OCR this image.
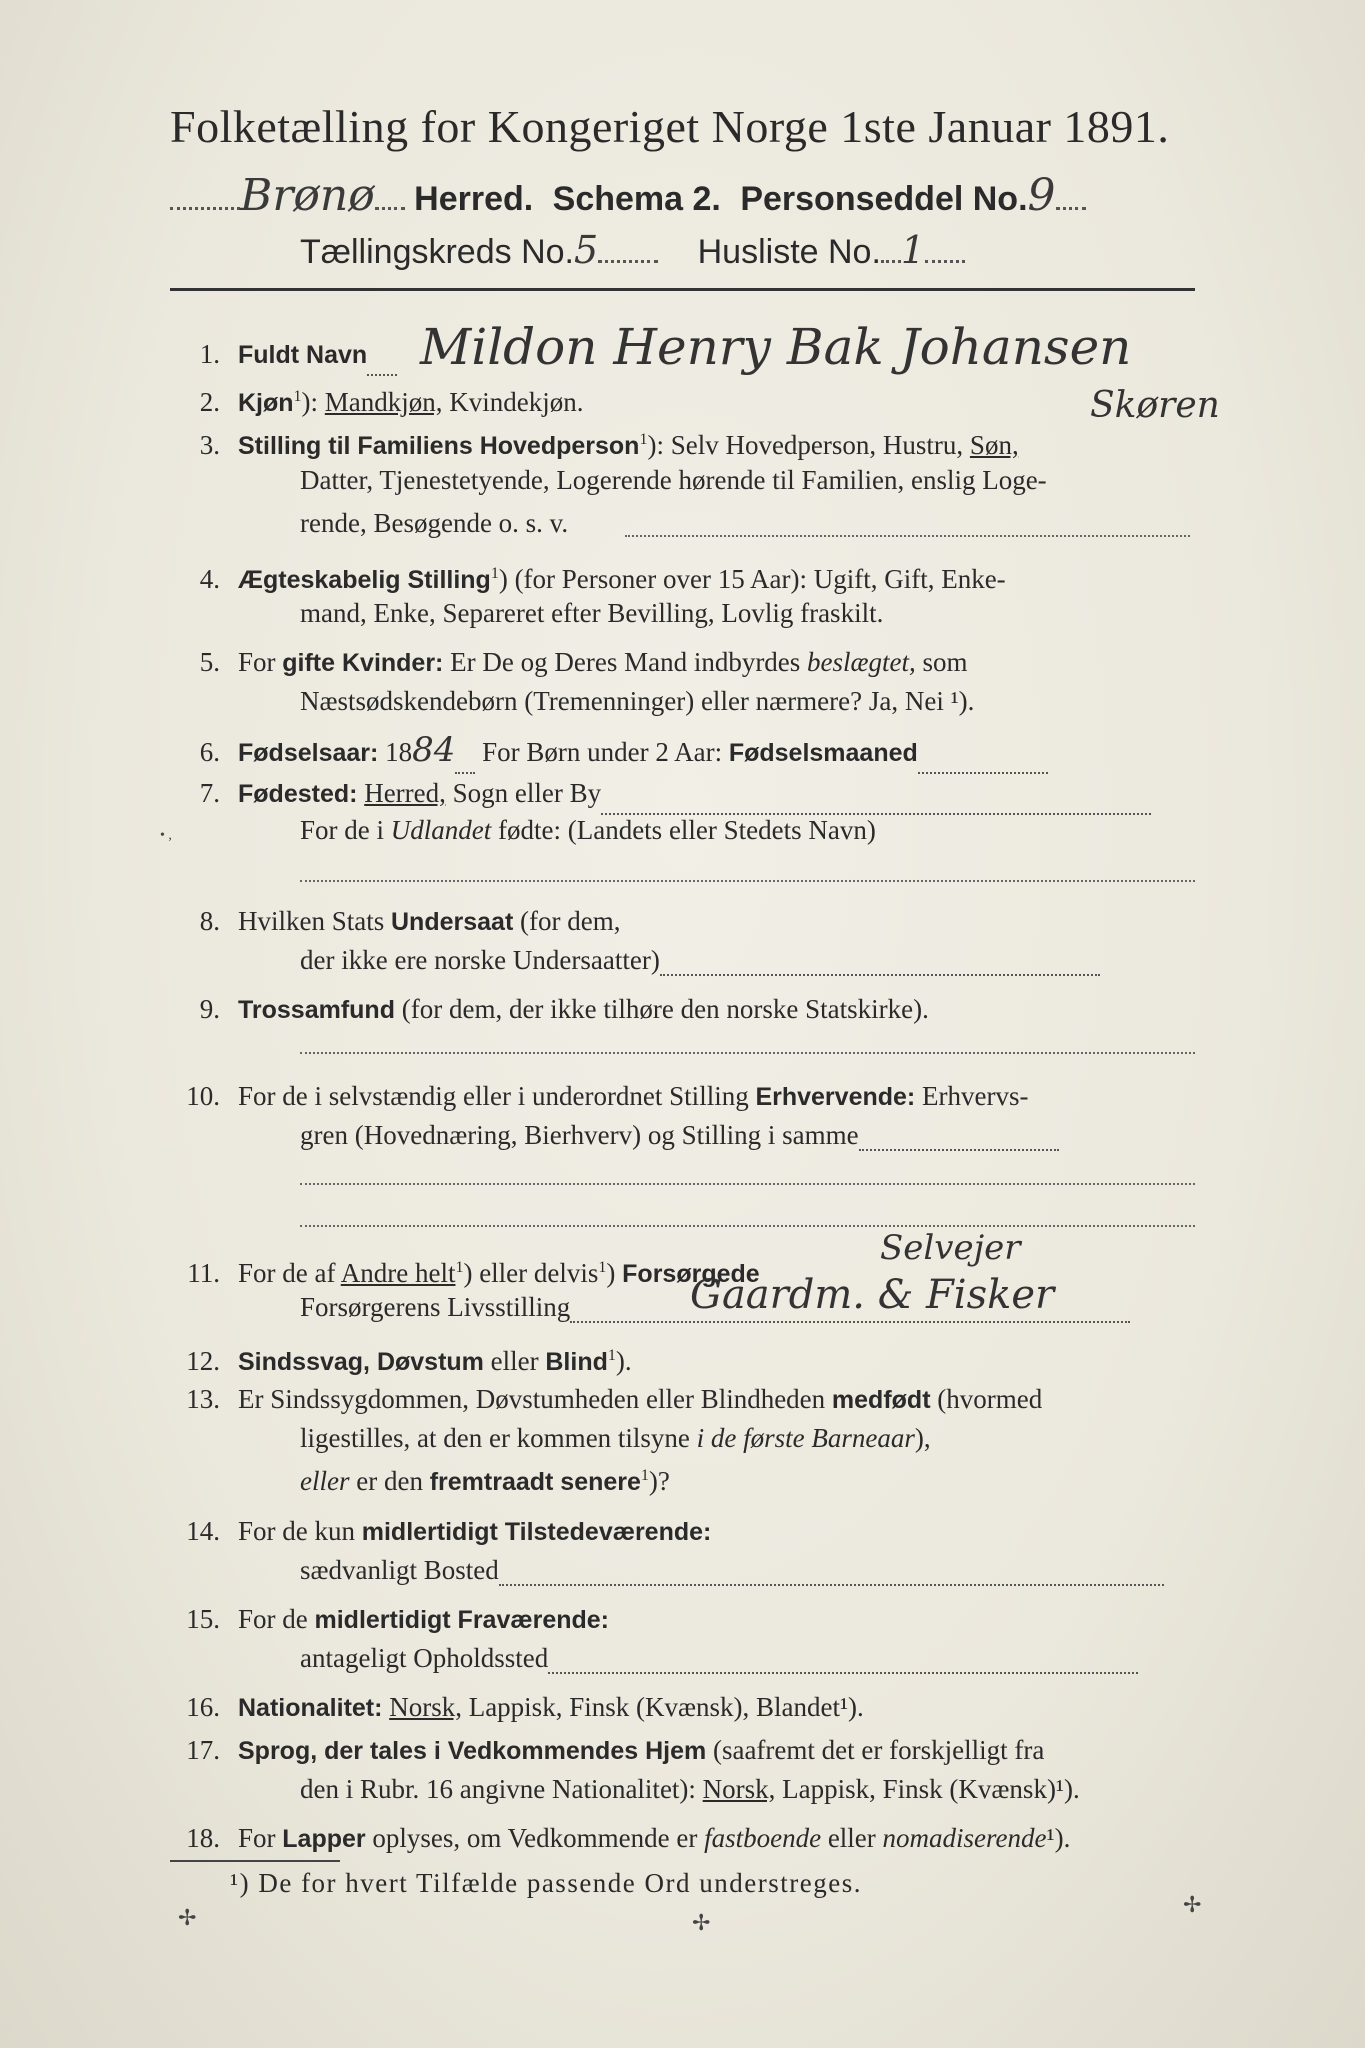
Folketælling for Kongeriget Norge 1ste Januar 1891.
Brønø Herred. Schema 2. Personseddel No.9
Tællingskreds No.5	Husliste No. 1
1. Fuldt Navn	Mildon Henry Bak Johansen
Skøren
2. Kjøn$^1$): Mandkjøn, Kvindekjøn.
3. Stilling til Familiens Hovedperson$^1$): Selv Hovedperson, Hustru, Søn,
Datter, Tjenestetyende, Logerende hørende til Familien, enslig Loge-
rende, Besøgende o. s. v.
4. Ægteskabelig Stilling$^1$) (for Personer over 15 Aar): Ugift, Gift, Enke-
mand, Enke, Separeret efter Bevilling, Lovlig fraskilt.
5. For gifte Kvinder: Er De og Deres Mand indbyrdes beslægtet, som
Næstsødskendebørn (Tremenninger) eller nærmere? Ja, Nei ¹).
6. Fødselsaar: 1884 For Børn under 2 Aar: Fødselsmaaned
7. Fødested: Herred, Sogn eller By
For de i Udlandet fødte: (Landets eller Stedets Navn)
8. Hvilken Stats Undersaat (for dem,
der ikke ere norske Undersaatter)
9. Trossamfund (for dem, der ikke tilhøre den norske Statskirke).
10. For de i selvstændig eller i underordnet Stilling Erhvervende: Erhvervs-
gren (Hovednæring, Bierhverv) og Stilling i samme
11. For de af Andre helt$^1$) eller delvis$^1$) Forsørgede
Selvejer
Forsørgerens Livsstilling	Gaardm. & Fisker
12. Sindssvag, Døvstum eller Blind$^1$).
13. Er Sindssygdommen, Døvstumheden eller Blindheden medfødt (hvormed
ligestilles, at den er kommen tilsyne i de første Barneaar),
eller er den fremtraadt senere$^1$)?
14. For de kun midlertidigt Tilstedeværende:
sædvanligt Bosted
15. For de midlertidigt Fraværende:
antageligt Opholdssted
16. Nationalitet: Norsk, Lappisk, Finsk (Kvænsk), Blandet¹).
17. Sprog, der tales i Vedkommendes Hjem (saafremt det er forskjelligt fra
den i Rubr. 16 angivne Nationalitet): Norsk, Lappisk, Finsk (Kvænsk)¹).
18. For Lapper oplyses, om Vedkommende er fastboende eller nomadiserende¹).
¹) De for hvert Tilfælde passende Ord understreges.
✢	✢
✢
• ,
